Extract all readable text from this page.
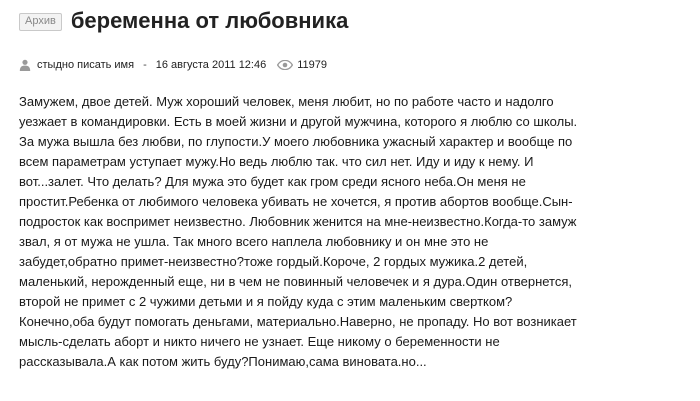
Архив беременна от любовника
стыдно писать имя - 16 августа 2011 12:46	11979
Замужем, двое детей. Муж хороший человек, меня любит, но по работе часто и надолго
уезжает в командировки. Есть в моей жизни и другой мужчина, которого я люблю со школы.
За мужа вышла без любви, по глупости.У моего любовника ужасный характер и вообще по
всем параметрам уступает мужу.Но ведь люблю так. что сил нет. Иду и иду к нему. И
вот...залет. Что делать? Для мужа это будет как гром среди ясного неба.Он меня не
простит.Ребенка от любимого человека убивать не хочется, я против абортов вообще.Сын-
подросток как воспримет неизвестно. Любовник женится на мне-неизвестно.Когда-то замуж
звал, я от мужа не ушла. Так много всего наплела любовнику и он мне это не
забудет,обратно примет-неизвестно?тоже гордый.Короче, 2 гордых мужика.2 детей,
маленький, нерожденный еще, ни в чем не повинный человечек и я дура.Один отвернется,
второй не примет с 2 чужими детьми и я пойду куда с этим маленьким свертком?
Конечно,оба будут помогать деньгами, материально.Наверно, не пропаду. Но вот возникает
мысль-сделать аборт и никто ничего не узнает. Еще никому о беременности не
рассказывала.А как потом жить буду?Понимаю,сама виновата.но...
